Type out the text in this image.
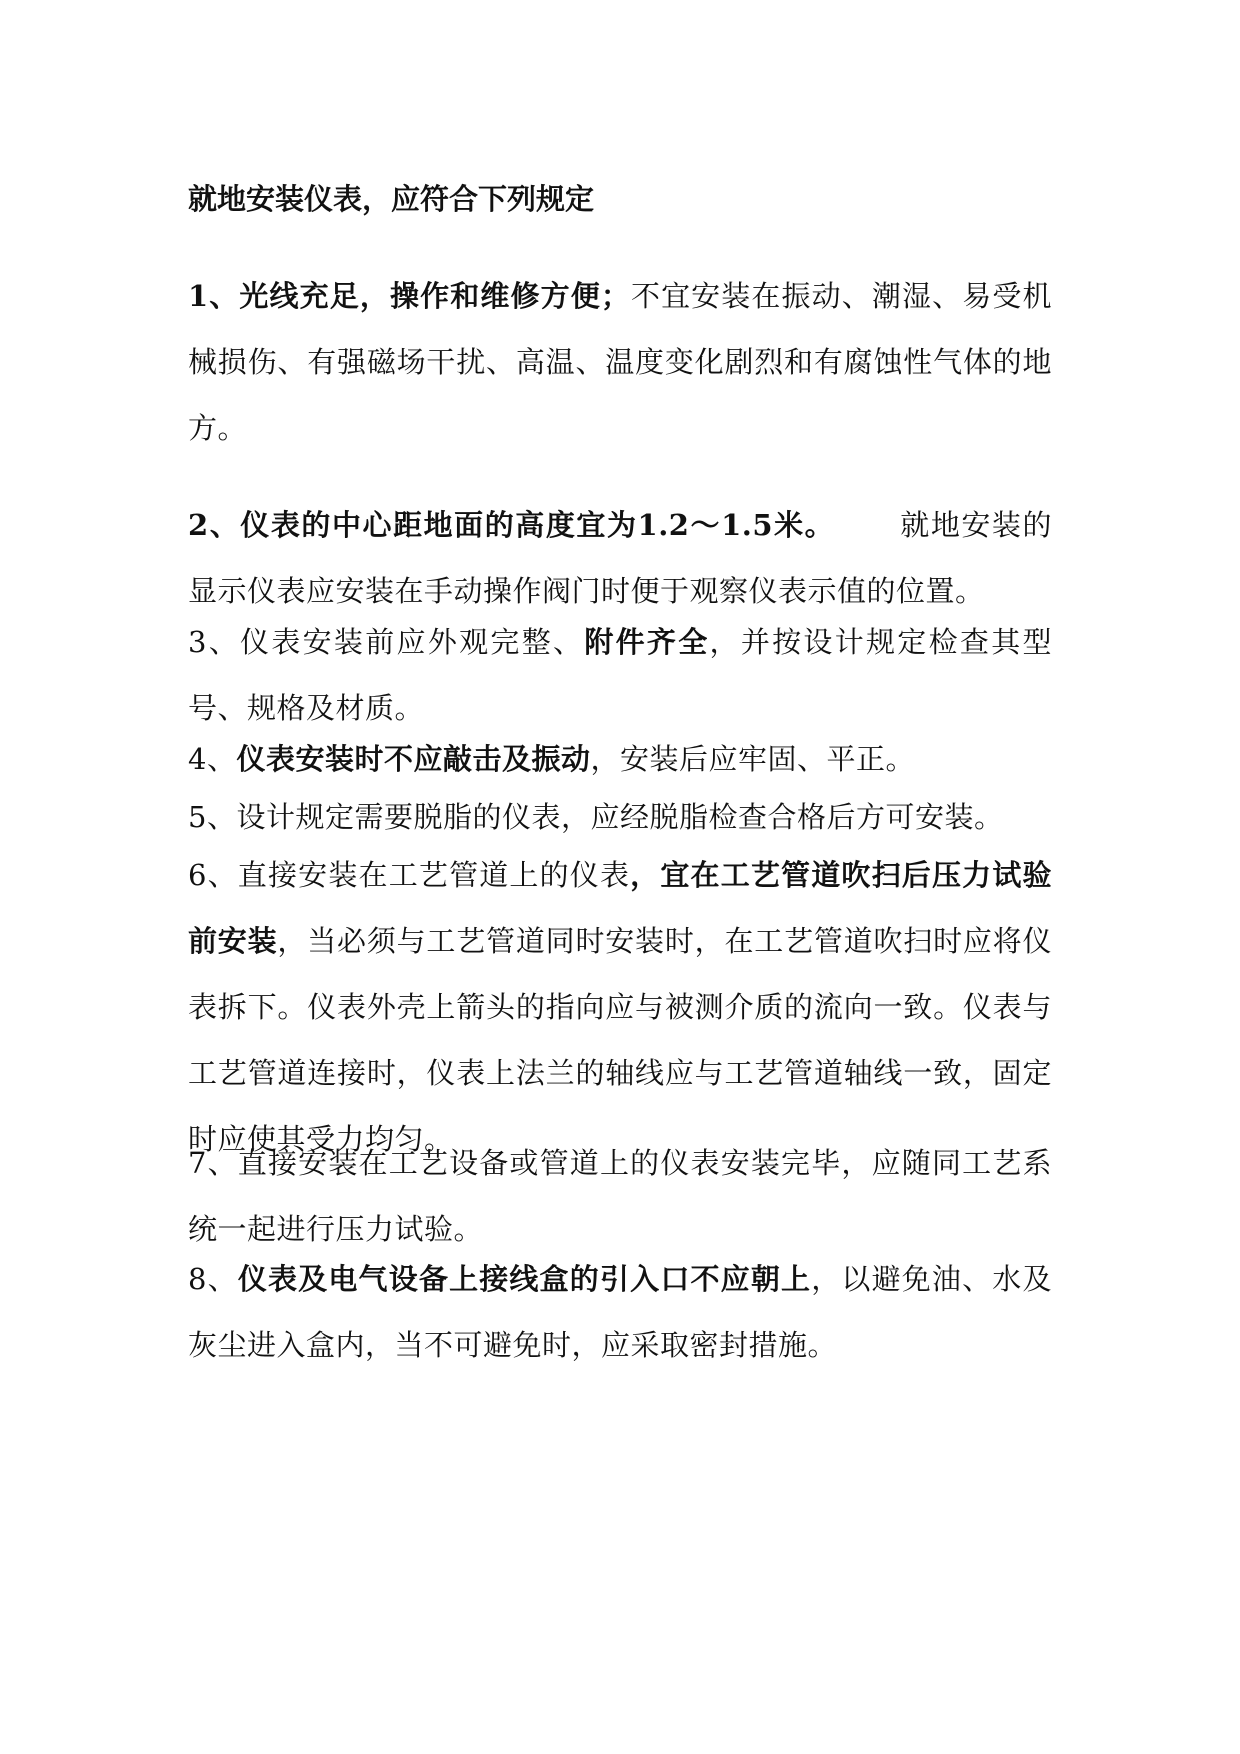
就地安装仪表，应符合下列规定

1、光线充足，操作和维修方便；不宜安装在振动、潮湿、易受机械损伤、有强磁场干扰、高温、温度变化剧烈和有腐蚀性气体的地方。

2、仪表的中心距地面的高度宜为1.2～1.5米。 就地安装的显示仪表应安装在手动操作阀门时便于观察仪表示值的位置。

3、仪表安装前应外观完整、附件齐全，并按设计规定检查其型号、规格及材质。

4、仪表安装时不应敲击及振动，安装后应牢固、平正。

5、设计规定需要脱脂的仪表，应经脱脂检查合格后方可安装。

6、直接安装在工艺管道上的仪表，宜在工艺管道吹扫后压力试验前安装，当必须与工艺管道同时安装时，在工艺管道吹扫时应将仪表拆下。仪表外壳上箭头的指向应与被测介质的流向一致。仪表与工艺管道连接时，仪表上法兰的轴线应与工艺管道轴线一致，固定时应使其受力均匀。

7、直接安装在工艺设备或管道上的仪表安装完毕，应随同工艺系统一起进行压力试验。

8、仪表及电气设备上接线盒的引入口不应朝上，以避免油、水及灰尘进入盒内，当不可避免时，应采取密封措施。
